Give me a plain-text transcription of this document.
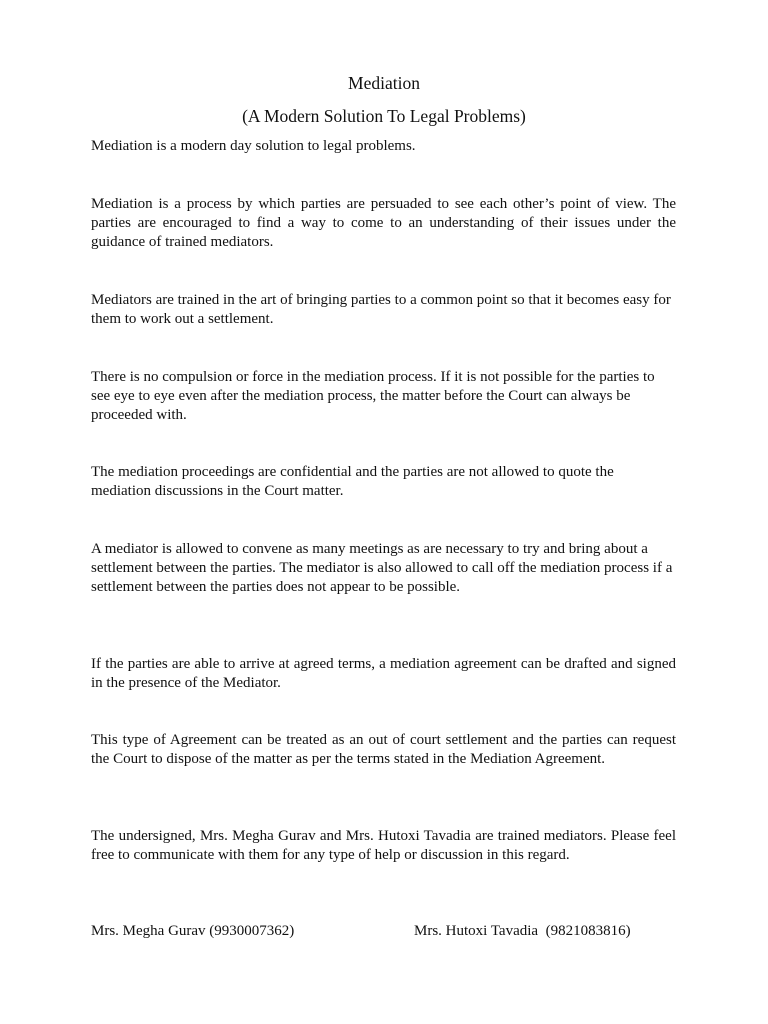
Mediation
(A Modern Solution To Legal Problems)
Mediation is a modern day solution to legal problems.
Mediation is a process by which parties are persuaded to see each other’s point of view. The parties are encouraged to find a way to come to an understanding of their issues under the guidance of trained mediators.
Mediators are trained in the art of bringing parties to a common point so that it becomes easy for them to work out a settlement.
There is no compulsion or force in the mediation process. If it is not possible for the parties to see eye to eye even after the mediation process, the matter before the Court can always be proceeded with.
The mediation proceedings are confidential and the parties are not allowed to quote the mediation discussions in the Court matter.
A mediator is allowed to convene as many meetings as are necessary to try and bring about a settlement between the parties. The mediator is also allowed to call off the mediation process if a settlement between the parties does not appear to be possible.
If the parties are able to arrive at agreed terms, a mediation agreement can be drafted and signed in the presence of the Mediator.
This type of Agreement can be treated as an out of court settlement and the parties can request the Court to dispose of the matter as per the terms stated in the Mediation Agreement.
The undersigned, Mrs. Megha Gurav and Mrs. Hutoxi Tavadia are trained mediators. Please feel free to communicate with them for any type of help or discussion in this regard.
Mrs. Megha Gurav (9930007362)	Mrs. Hutoxi Tavadia  (9821083816)
